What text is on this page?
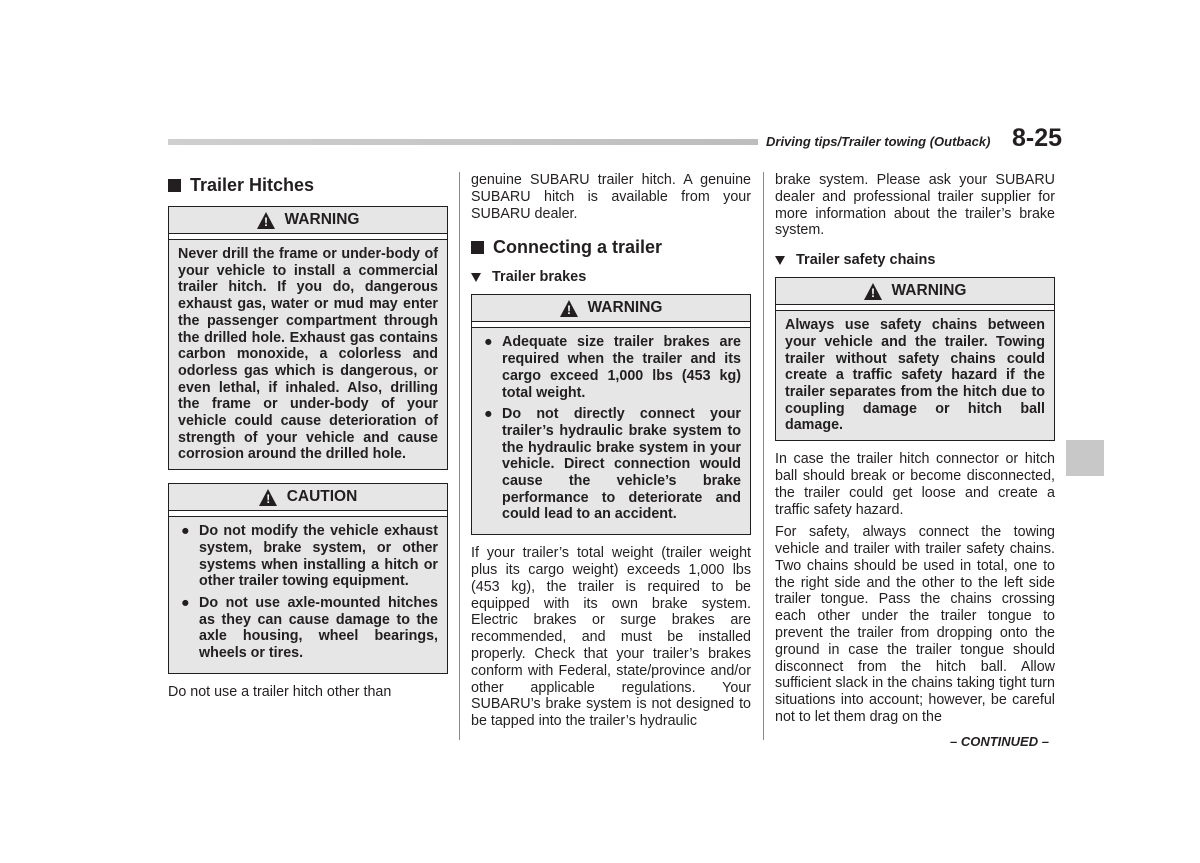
Driving tips/Trailer towing (Outback) 8-25
Trailer Hitches
!	WARNING
Never drill the frame or under-body of your vehicle to install a commercial trailer hitch. If you do, dangerous exhaust gas, water or mud may enter the passenger compartment through the drilled hole. Exhaust gas contains carbon monoxide, a colorless and odorless gas which is dangerous, or even lethal, if inhaled. Also, drilling the frame or under-body of your vehicle could cause deterioration of strength of your vehicle and cause corrosion around the drilled hole.
!	CAUTION
● Do not modify the vehicle exhaust system, brake system, or other systems when installing a hitch or other trailer towing equipment.
● Do not use axle-mounted hitches as they can cause damage to the axle housing, wheel bearings, wheels or tires.

Do not use a trailer hitch other than

genuine SUBARU trailer hitch. A genuine SUBARU hitch is available from your SUBARU dealer.

Connecting a trailer
Trailer brakes
!	WARNING
● Adequate size trailer brakes are required when the trailer and its cargo exceed 1,000 lbs (453 kg) total weight.
● Do not directly connect your trailer’s hydraulic brake system to the hydraulic brake system in your vehicle. Direct connection would cause the vehicle’s brake performance to deteriorate and could lead to an accident.

If your trailer’s total weight (trailer weight plus its cargo weight) exceeds 1,000 lbs (453 kg), the trailer is required to be equipped with its own brake system. Electric brakes or surge brakes are recommended, and must be installed properly. Check that your trailer’s brakes conform with Federal, state/province and/or other applicable regulations. Your SUBARU’s brake system is not designed to be tapped into the trailer’s hydraulic

brake system. Please ask your SUBARU dealer and professional trailer supplier for more information about the trailer’s brake system.

Trailer safety chains
!	WARNING
Always use safety chains between your vehicle and the trailer. Towing trailer without safety chains could create a traffic safety hazard if the trailer separates from the hitch due to coupling damage or hitch ball damage.

In case the trailer hitch connector or hitch ball should break or become disconnected, the trailer could get loose and create a traffic safety hazard.

For safety, always connect the towing vehicle and trailer with trailer safety chains. Two chains should be used in total, one to the right side and the other to the left side trailer tongue. Pass the chains crossing each other under the trailer tongue to prevent the trailer from dropping onto the ground in case the trailer tongue should disconnect from the hitch ball. Allow sufficient slack in the chains taking tight turn situations into account; however, be careful not to let them drag on the

– CONTINUED –
